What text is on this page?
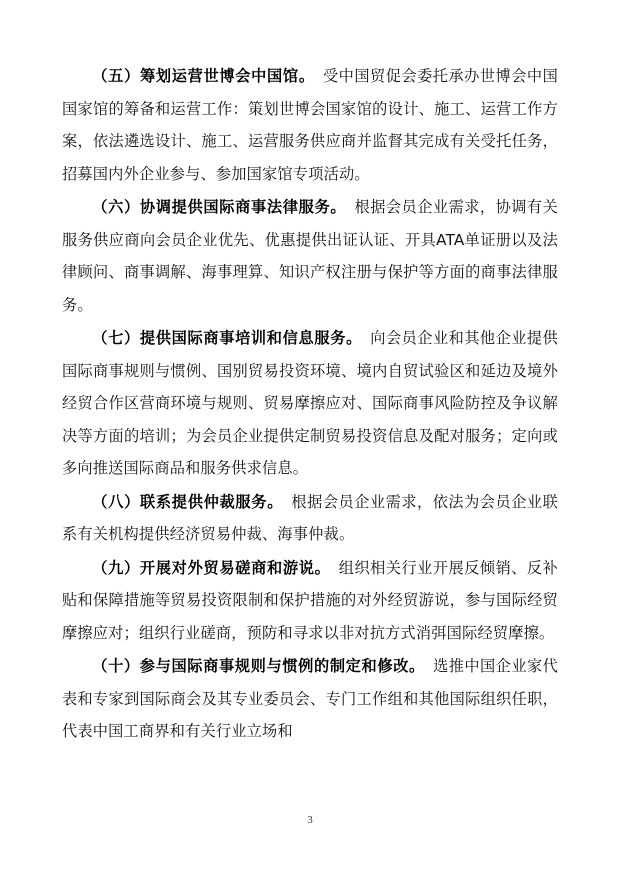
（五）筹划运营世博会中国馆。 受中国贸促会委托承办世博会中国国家馆的筹备和运营工作：策划世博会国家馆的设计、施工、运营工作方案，依法遴选设计、施工、运营服务供应商并监督其完成有关受托任务，招募国内外企业参与、参加国家馆专项活动。

（六）协调提供国际商事法律服务。 根据会员企业需求，协调有关服务供应商向会员企业优先、优惠提供出证认证、开具ATA单证册以及法律顾问、商事调解、海事理算、知识产权注册与保护等方面的商事法律服务。

（七）提供国际商事培训和信息服务。 向会员企业和其他企业提供国际商事规则与惯例、国别贸易投资环境、境内自贸试验区和延边及境外经贸合作区营商环境与规则、贸易摩擦应对、国际商事风险防控及争议解决等方面的培训；为会员企业提供定制贸易投资信息及配对服务；定向或多向推送国际商品和服务供求信息。

（八）联系提供仲裁服务。 根据会员企业需求，依法为会员企业联系有关机构提供经济贸易仲裁、海事仲裁。

（九）开展对外贸易磋商和游说。 组织相关行业开展反倾销、反补贴和保障措施等贸易投资限制和保护措施的对外经贸游说，参与国际经贸摩擦应对；组织行业磋商，预防和寻求以非对抗方式消弭国际经贸摩擦。

（十）参与国际商事规则与惯例的制定和修改。 选推中国企业家代表和专家到国际商会及其专业委员会、专门工作组和其他国际组织任职，代表中国工商界和有关行业立场和

3
